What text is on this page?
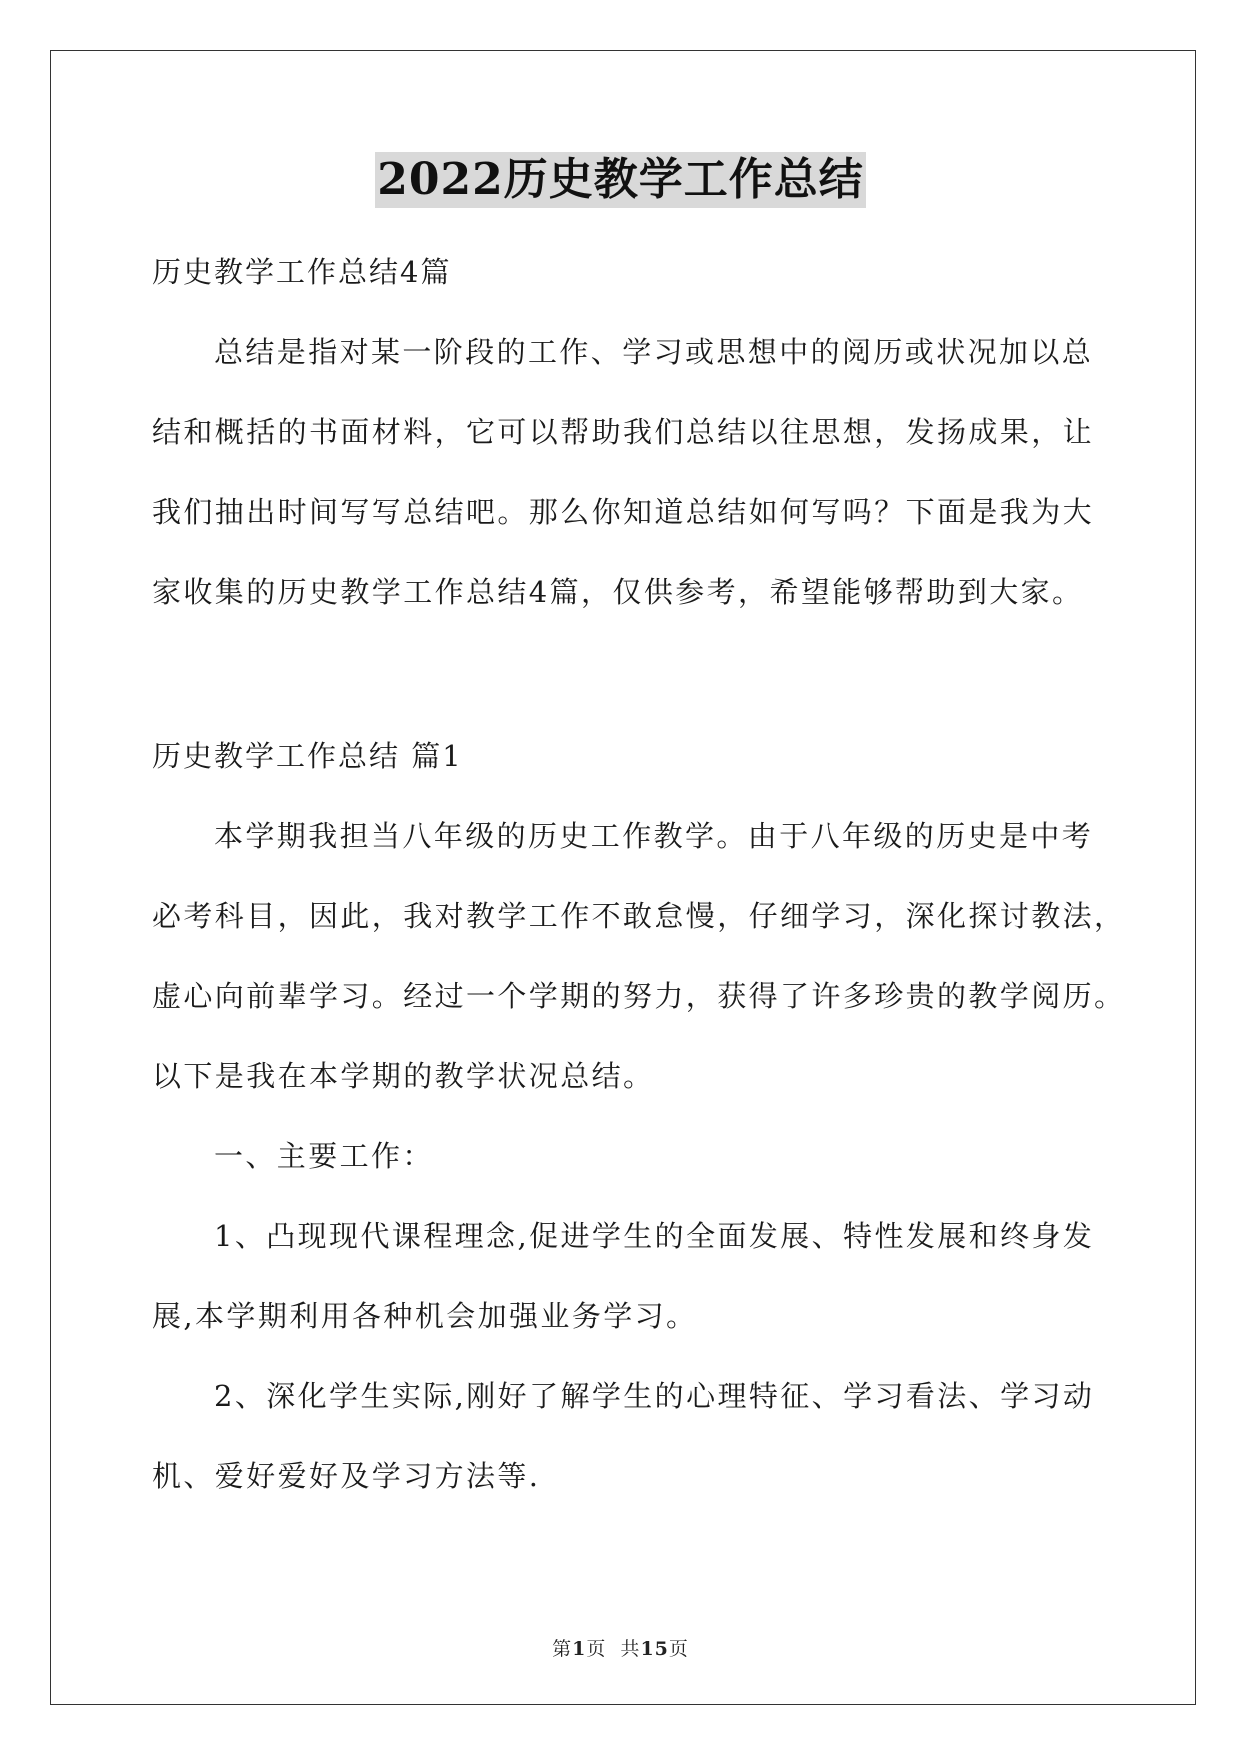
2022历史教学工作总结
历史教学工作总结4篇
总结是指对某一阶段的工作、学习或思想中的阅历或状况加以总
结和概括的书面材料，它可以帮助我们总结以往思想，发扬成果，让
我们抽出时间写写总结吧。那么你知道总结如何写吗？下面是我为大
家收集的历史教学工作总结4篇，仅供参考，希望能够帮助到大家。
历史教学工作总结 篇1
本学期我担当八年级的历史工作教学。由于八年级的历史是中考
必考科目，因此，我对教学工作不敢怠慢，仔细学习，深化探讨教法，
虚心向前辈学习。经过一个学期的努力，获得了许多珍贵的教学阅历。
以下是我在本学期的教学状况总结。
一、主要工作：
1、凸现现代课程理念,促进学生的全面发展、特性发展和终身发
展,本学期利用各种机会加强业务学习。
2、深化学生实际,刚好了解学生的心理特征、学习看法、学习动
机、爱好爱好及学习方法等.
第1页  共15页
